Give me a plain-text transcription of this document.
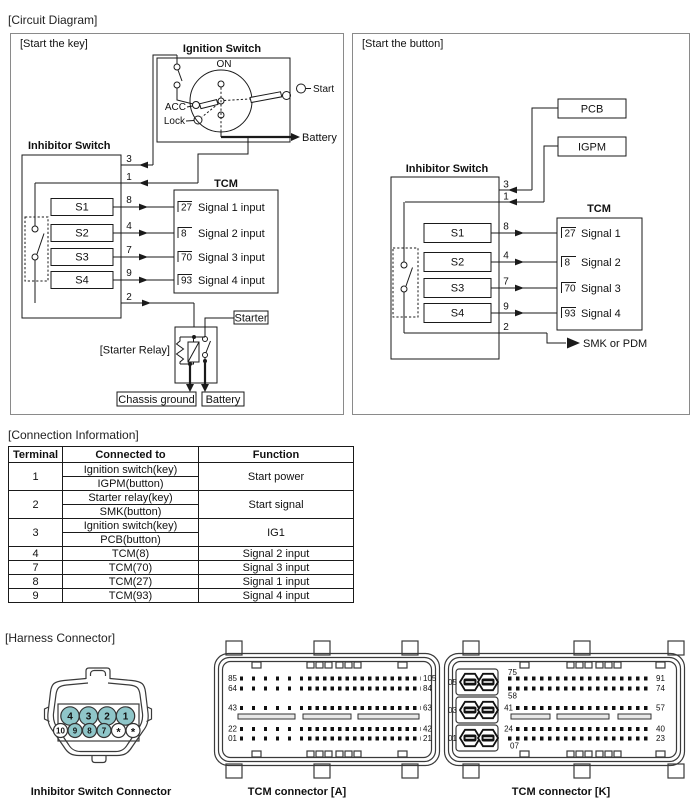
[Circuit Diagram]
[Start the key]	Ignition Switch
ON
Start
ACC
Lock
Battery
Inhibitor Switch
3
1
S1
S2
S3
S4
8
4
7
9
TCM
27 Signal 1 input
8 Signal 2 input
70 Signal 3 input
93 Signal 4 input
2
[Starter Relay]
Starter
Chassis ground Battery
[Start the button]
PCB
IGPM
Inhibitor Switch
3
1
S1
S2
S3
S4
8
4
7
9
TCM
27 Signal 1
8 Signal 2
70 Signal 3
93 Signal 4
2
SMK or PDM
[Connection Information]
Terminal	Connected to	Function
1	Ignition switch(key)	Start power
	IGPM(button)	
2	Starter relay(key)	Start signal
	SMK(button)	
3	Ignition switch(key)	IG1
	PCB(button)	
4	TCM(8)	Signal 2 input
7	TCM(70)	Signal 3 input
8	TCM(27)	Signal 1 input
9	TCM(93)	Signal 4 input
[Harness Connector]
4 3 2 1
10 9 8 7 * *
85
64
43
22
01
105
84
63
42
21
05
03
01
75
58
41
24
07
91
74
57
40
23
Inhibitor Switch Connector	TCM connector [A]	TCM connector [K]
